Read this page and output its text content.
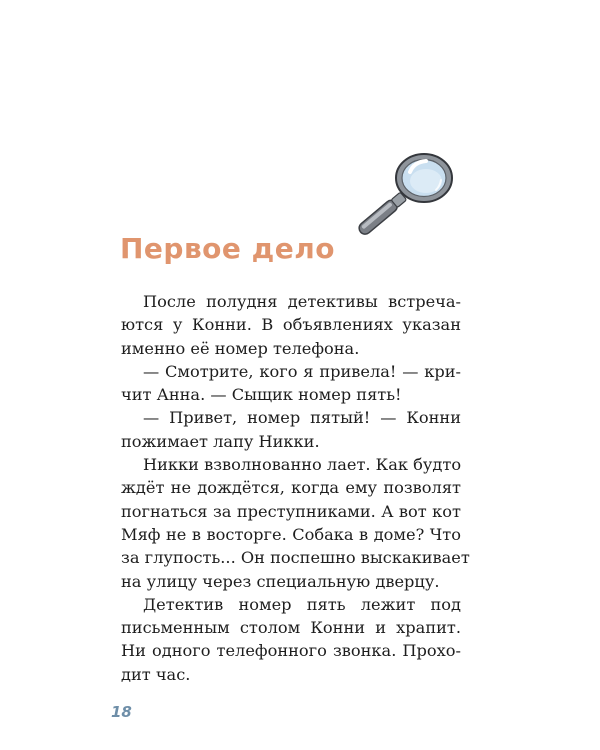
Первое дело
После полудня детективы встреча-
ются у Конни. В объявлениях указан
именно её номер телефона.
— Смотрите, кого я привела! — кри-
чит Анна. — Сыщик номер пять!
— Привет, номер пятый! — Конни
пожимает лапу Никки.
Никки взволнованно лает. Как будто
ждёт не дождётся, когда ему позволят
погнаться за преступниками. А вот кот
Мяф не в восторге. Собака в доме? Что
за глупость... Он поспешно выскакивает
на улицу через специальную дверцу.
Детектив номер пять лежит под
письменным столом Конни и храпит.
Ни одного телефонного звонка. Прохо-
дит час.
18
